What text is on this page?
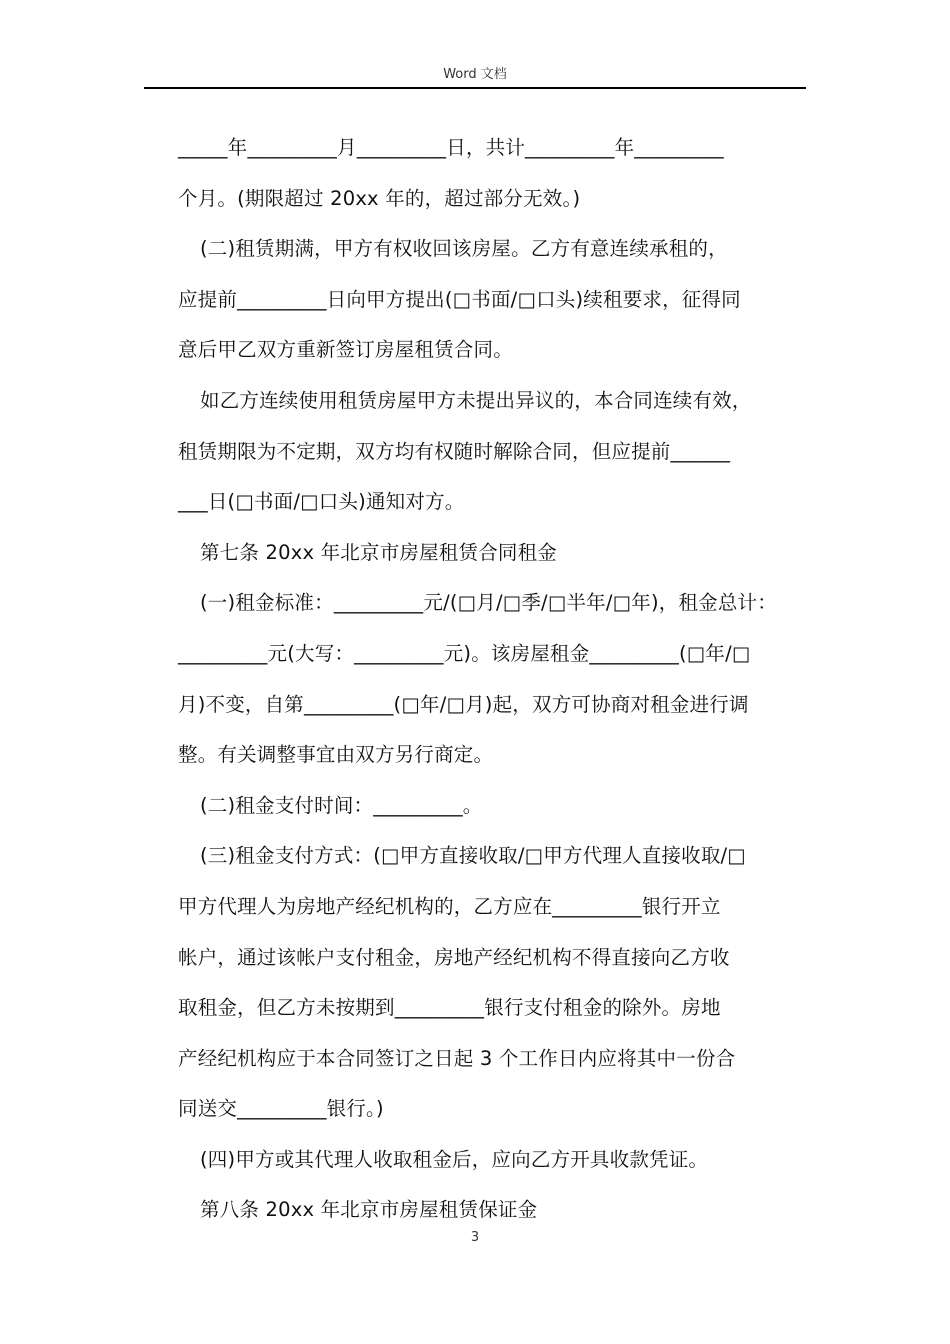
Word 文档
_____年_________月_________日，共计_________年_________
个月。(期限超过 20xx 年的，超过部分无效。)
(二)租赁期满，甲方有权收回该房屋。乙方有意连续承租的，
应提前_________日向甲方提出(□书面/□口头)续租要求，征得同
意后甲乙双方重新签订房屋租赁合同。
如乙方连续使用租赁房屋甲方未提出异议的，本合同连续有效，
租赁期限为不定期，双方均有权随时解除合同，但应提前______
___日(□书面/□口头)通知对方。
第七条 20xx 年北京市房屋租赁合同租金
(一)租金标准：_________元/(□月/□季/□半年/□年)，租金总计：
_________元(大写：_________元)。该房屋租金_________(□年/□
月)不变，自第_________(□年/□月)起，双方可协商对租金进行调
整。有关调整事宜由双方另行商定。
(二)租金支付时间：_________。
(三)租金支付方式：(□甲方直接收取/□甲方代理人直接收取/□
甲方代理人为房地产经纪机构的，乙方应在_________银行开立
帐户，通过该帐户支付租金，房地产经纪机构不得直接向乙方收
取租金，但乙方未按期到_________银行支付租金的除外。房地
产经纪机构应于本合同签订之日起 3 个工作日内应将其中一份合
同送交_________银行。)
(四)甲方或其代理人收取租金后，应向乙方开具收款凭证。
第八条 20xx 年北京市房屋租赁保证金
3
